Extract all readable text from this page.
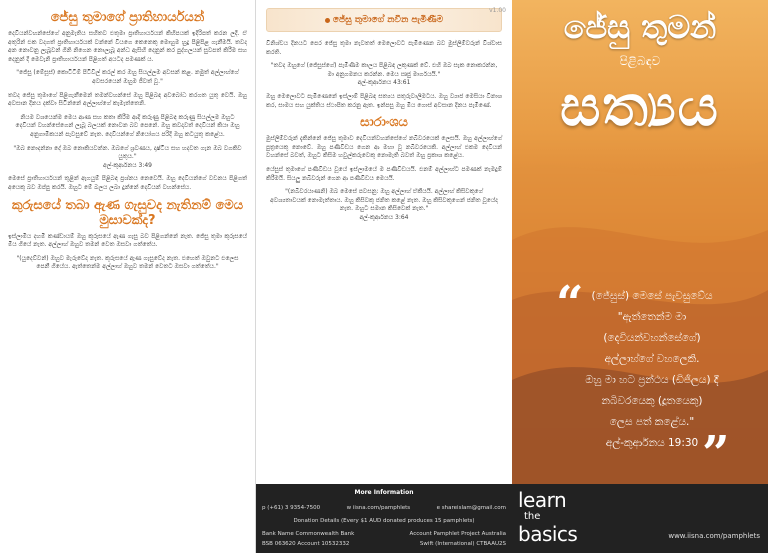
ජේසු තුමාගේ ප්‍රාතිහාර්යයන්

දෙවියන්වහන්සේගේ අනුමැතිය සහිතව එතුමා ප්‍රාතිහාර්යයන් කිහිපයක් ඉදිරිපත් කරන ලදී. ඒ අතුරින් එක වදගත් ප්‍රාතිහාර්යයක් වන්නේ වියගෙ කෙනෙකු මොහුම හුදු පිළිපිළ ගැනීමයි. තවද අන නොවනු ලැබූවන් ගිනි නිගෙන නොලැබූ අන්ධ ඇසිහි දෙනුන් කර පුද්ගලයන් සුවපත් කිරීම සහ දෙනුන් දී මෙවැනි ප්‍රාතිහාර්යයන් පිළිගත් අයටද පමණක් ය.

"ජේසු (මේසූස්) කොටිටිම් පිටිවීල් කරල් කර ඔහු සියල්ලම අවසන් කළ. නමුත් අල්ලාහ්ගේ අවසරයෙන් ඔහුම ජීවත් වූ."

තවද ජේසු තුමාගේ පිළිගැනීමෙන් තමන්වහන්සේ ඔහු පිළිබඳ අවබෝධ කරගත යුතු වෙයි. ඔහු අවසාන දිනය දක්වා සිටින්නේ අල්ලාහ්ගේ කැමැත්තෙනි.

නියම වශයෙන්ම මෙය ආණ සහ කතා කිරීම ආදි කරුණු පිළිබඳ කරුණු සියල්ලම ඔහුට දෙවියන් වහන්සේගෙන් ලැබූ බලයක් නොවන බව පෙනේ. ඔහු කවදාවත් දෙවියන් කියා ඔහු අනුගාමිකයන් පැවසුවේ නැත. දෙවියන්ගේ නියෝගය පරිදි ඔහු කටයුතු කළේය.

"ඔබ නොදන්නා දේ ඔබ නොකියවන්න. ඔබගේ ශ්‍රවණය, දෘෂ්ටිය සහ හදවත ගැන ඔබ වගකිව යුතුය."
අල්-කුර්ආනය 3:49

මෙසේ ප්‍රාතිහාර්යයන් තුළින් ඇගයුම් පිළිබඳ ප්‍රශ්නය නෙවෙයි. ඔහු දෙවියන්ගේ වචනය පිළිගත් අයෙකු බව ඔප්පු කරයි. ඔහුට මේ බලය ලබා දුන්නේ දෙවියන් වහන්සේය.

කුරුසයේ තබා ඇණ ගැසුවද නැතිනම් මෙය මුසාවක්ද?

ඉස්ලාමීය දහමී කණ්ඩායම් ඔහු කුරුසයේ ඇණ ගැසු බව පිළිගන්නේ නැත. ජේසු තුමා කුරුසයේ මිය ගියේ නැත. අල්ලාහ් ඔහුව තමන් වෙත ඔසවා ගත්තේය.

"(යුදෙව්වන්) ඔහුව මැරුවේද නැත. කුරුසයේ ඇණ ගැසුවේද නැත. එහෙත් ඔවුනට එලෙස පෙනී ගියේය. ඇත්තෙන්ම අල්ලාහ් ඔහුව තමන් වෙතට ඔසවා ගත්තේය."

v1.00
ජේසු තුමාගේ නවීන පැමිණීම

විනිශ්චය දිනයට පෙර ජේසු තුමා නැවතත් මෙලොවට පැමිණෙන බව මුස්ලිම්වරුන් විශ්වාස කරති.

"තවද ඔහුගේ (ජේසුස්ගේ) පැමිණීම කාලය පිළිබඳ ලකුණක් වේ. එහි ඔබ සැක නොකරන්න, මා අනුගමනය කරන්න. මෙය ඍජු මාර්ගයයි."
අල්-කුර්ආනය 43:61

ඔහු මෙලොවට පැමිණෙනේ ඉස්ලාම් පිළිබඳ සත්‍යය පතුරුවාලීමටය. ඔහු ව්‍යාජ මෙසියා විනාශ කර, සාමය සහ යුක්තිය ස්ථාපිත කරනු ඇත. ඉන්පසු ඔහු මිය ගොස් අවසාන දිනය පැමිණේ.

සාරාංශය

මුස්ලිම්වරුන් දැකින්නේ ජේසු තුමාව දෙවියන්වහන්සේගේ නබිවරයෙක් ලෙසයි. ඔහු අල්ලාහ්ගේ පුත්‍රයෙකු නොවේ. ඔහු පණිවිඩය ගෙන ආ මහා වූ නබිවරයෙකි. අල්ලාහ් එකම දෙවියන් වහන්සේ බවත්, ඔහුට කිසිම හවුල්කරුවෙකු නොමැති බවත් ඔහු ප්‍රකාශ කළේය.

යේසුස් තුමාගේ පණිවිඩය වූයේ ඉස්ලාමයේ ම පණිවිඩයයි. එනම් අල්ලාහ්ට පමණක් නැමදුම් කිරීමයි. සියලු නබිවරුන් ගෙන ආ පණිවිඩය මෙයයි.

"(නබිවරයාණනි) ඔබ මෙසේ පවසනු: ඔහු අල්ලාහ් ඒකීයයි. අල්ලාහ් කිසිවකුගේ අවශ්‍යතාවයක් නොමැත්තාය. ඔහු කිසිවකු ජනිත කළේ නැත. ඔහු කිසිවකුගෙන් ජනිත වූයේද නැත. ඔහුට සමාන කිසිවෙක් නැත."
අල්-කුර්ආනය 3:64

ජේසු තුමන්
පිළිබඳව
සත්‍යය
“
”
(ජේසුස්) මෙසේ පැවසුවේය
"ඇත්තෙන්ම මා
(දෙවියන්වහන්සේගේ)
අල්ලාහ්ගේ වහලෙකි.
ඔහු මා හට ප්‍රන්ථය (ඩිජිලය) දී
නබිවරයෙකු (දූතයෙකු)
ලෙස පත් කළේය."
අල්-කුර්ආනය 19:30
More Information
p (+61) 3 9354-7500	w iisna.com/pamphlets	e shareislam@gmail.com
Donation Details (Every $1 AUD donated produces 15 pamphlets)
Bank Name Commonwealth Bank	Account Pamphlet Project Australia
BSB 063620 Account 10532332	Swift (International) CTBAAU2S
learn
the
basics	www.iisna.com/pamphlets
